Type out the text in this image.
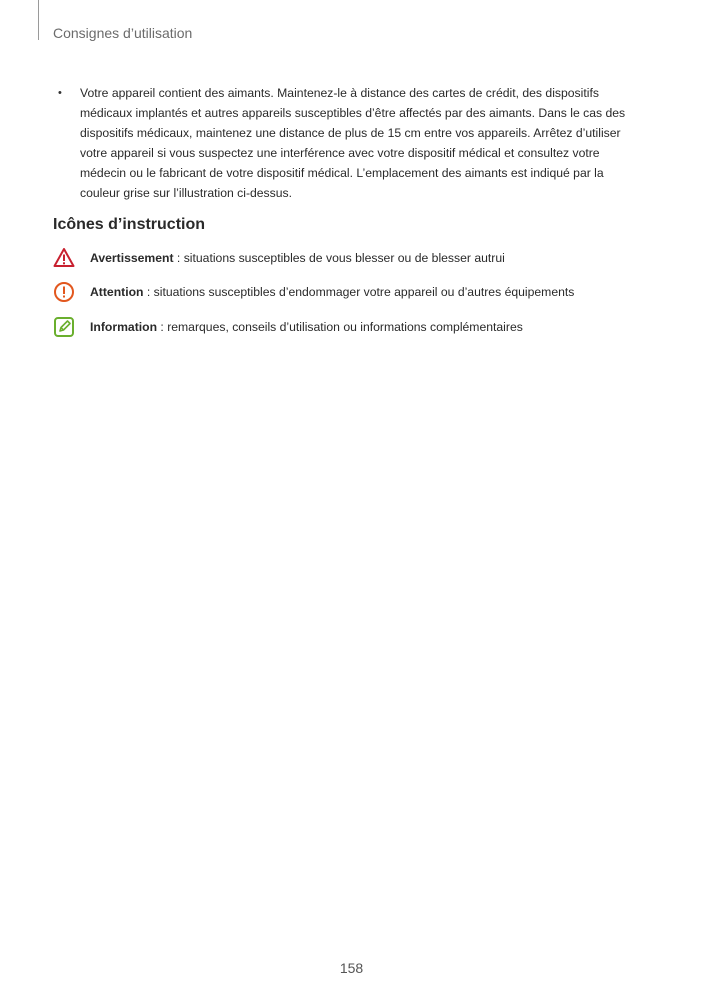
Consignes d’utilisation
• Votre appareil contient des aimants. Maintenez-le à distance des cartes de crédit, des dispositifs médicaux implantés et autres appareils susceptibles d’être affectés par des aimants. Dans le cas des dispositifs médicaux, maintenez une distance de plus de 15 cm entre vos appareils. Arrêtez d’utiliser votre appareil si vous suspectez une interférence avec votre dispositif médical et consultez votre médecin ou le fabricant de votre dispositif médical. L’emplacement des aimants est indiqué par la couleur grise sur l’illustration ci-dessus.
Icônes d’instruction
Avertissement : situations susceptibles de vous blesser ou de blesser autrui
Attention : situations susceptibles d’endommager votre appareil ou d’autres équipements
Information : remarques, conseils d’utilisation ou informations complémentaires
158
